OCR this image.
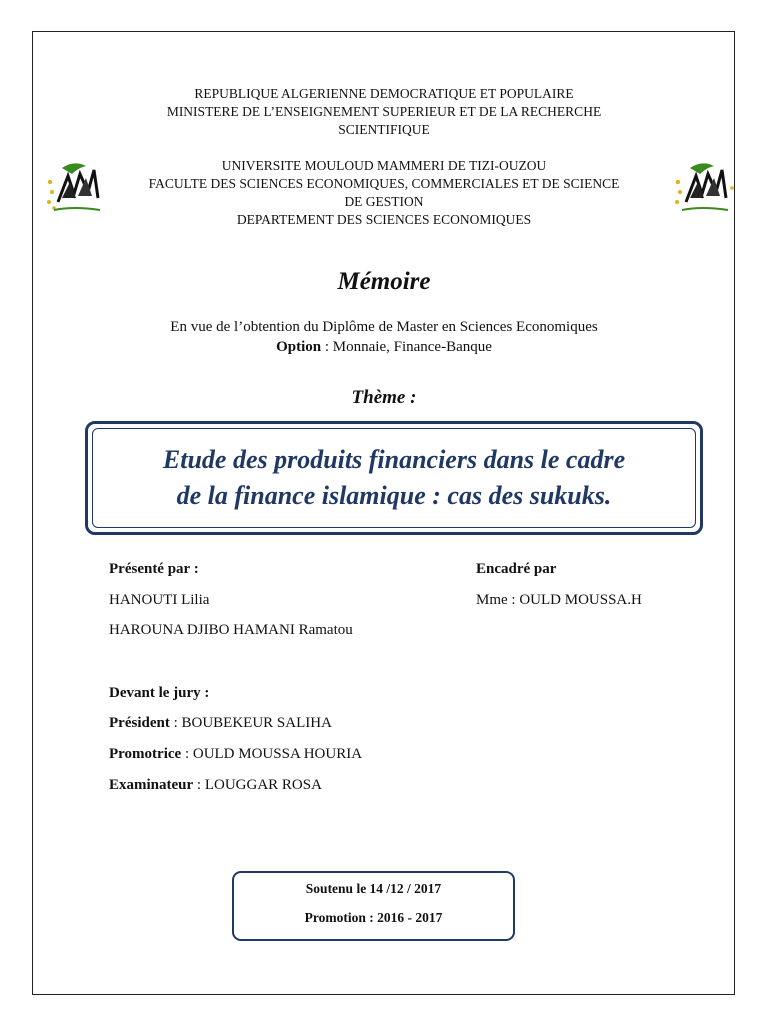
REPUBLIQUE ALGERIENNE DEMOCRATIQUE ET POPULAIRE
MINISTERE DE L’ENSEIGNEMENT SUPERIEUR ET DE LA RECHERCHE
SCIENTIFIQUE
UNIVERSITE MOULOUD MAMMERI DE TIZI-OUZOU
FACULTE DES SCIENCES ECONOMIQUES, COMMERCIALES ET DE SCIENCE
DE GESTION
DEPARTEMENT DES SCIENCES ECONOMIQUES
Mémoire
En vue de l’obtention du Diplôme de Master en Sciences Economiques
Option : Monnaie, Finance-Banque
Thème :
Etude des produits financiers dans le cadre
de la finance islamique : cas des sukuks.
Présenté par :
HANOUTI Lilia
HAROUNA DJIBO HAMANI Ramatou
Encadré par
Mme : OULD MOUSSA.H
Devant le jury :
Président : BOUBEKEUR SALIHA
Promotrice : OULD MOUSSA HOURIA
Examinateur : LOUGGAR ROSA
Soutenu le 14 /12 / 2017
Promotion : 2016 - 2017
